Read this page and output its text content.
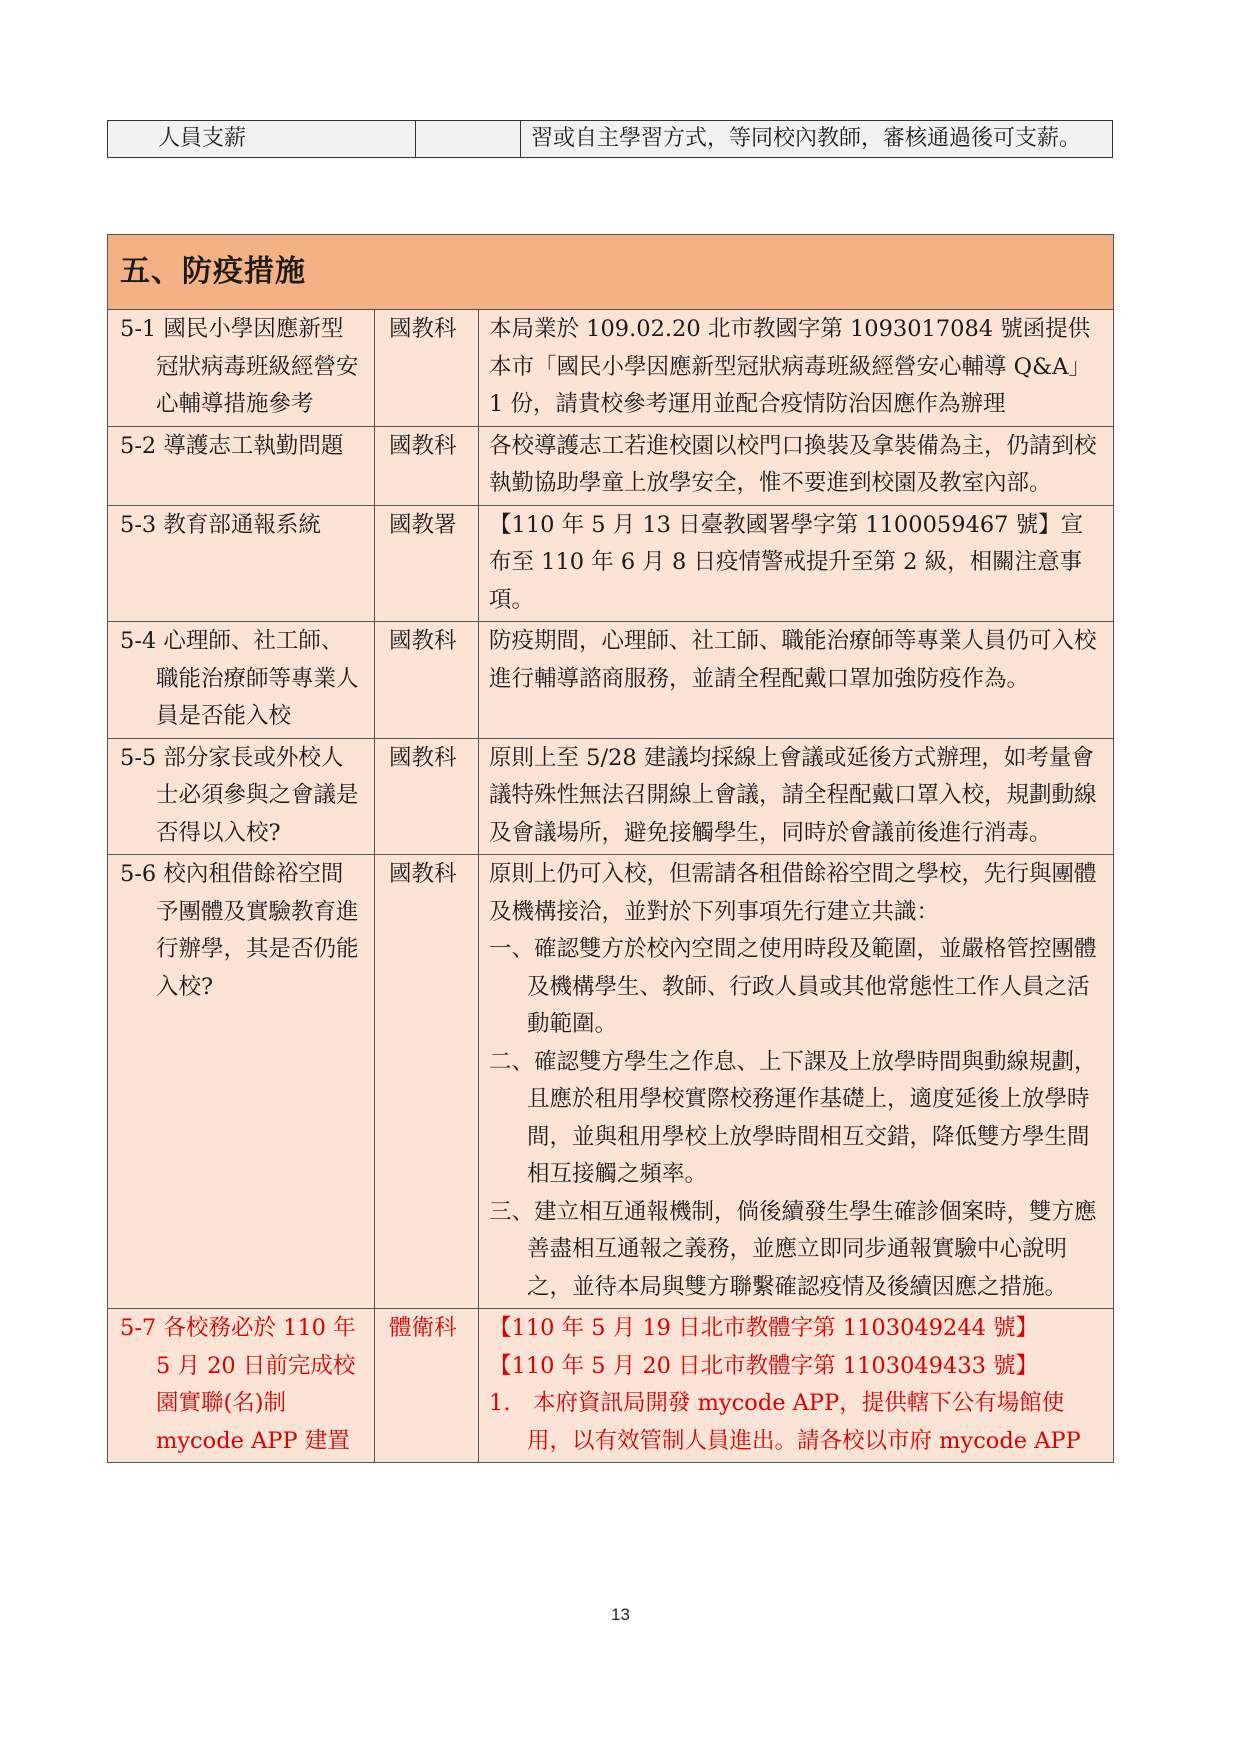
人員支薪		習或自主學習方式，等同校內教師，審核通過後可支薪。
五、防疫措施		
5-1 國民小學因應新型冠狀病毒班級經營安心輔導措施參考	國教科	本局業於 109.02.20 北市教國字第 1093017084 號函提供本市「國民小學因應新型冠狀病毒班級經營安心輔導 Q&A」1 份，請貴校參考運用並配合疫情防治因應作為辦理

5-2 導護志工執勤問題	國教科	各校導護志工若進校園以校門口換裝及拿裝備為主，仍請到校執勤協助學童上放學安全，惟不要進到校園及教室內部。

5-3 教育部通報系統	國教署	【110 年 5 月 13 日臺教國署學字第 1100059467 號】宣布至 110 年 6 月 8 日疫情警戒提升至第 2 級，相關注意事項。

5-4 心理師、社工師、職能治療師等專業人員是否能入校	國教科	防疫期間，心理師、社工師、職能治療師等專業人員仍可入校進行輔導諮商服務，並請全程配戴口罩加強防疫作為。

5-5 部分家長或外校人士必須參與之會議是否得以入校?	國教科	原則上至 5/28 建議均採線上會議或延後方式辦理，如考量會議特殊性無法召開線上會議，請全程配戴口罩入校，規劃動線及會議場所，避免接觸學生，同時於會議前後進行消毒。

5-6 校內租借餘裕空間予團體及實驗教育進行辦學，其是否仍能入校?	國教科	原則上仍可入校，但需請各租借餘裕空間之學校，先行與團體及機構接洽，並對於下列事項先行建立共識：
一、確認雙方於校內空間之使用時段及範圍，並嚴格管控團體及機構學生、教師、行政人員或其他常態性工作人員之活動範圍。
二、確認雙方學生之作息、上下課及上放學時間與動線規劃，且應於租用學校實際校務運作基礎上，適度延後上放學時間，並與租用學校上放學時間相互交錯，降低雙方學生間相互接觸之頻率。
三、建立相互通報機制，倘後續發生學生確診個案時，雙方應善盡相互通報之義務，並應立即同步通報實驗中心說明之，並待本局與雙方聯繫確認疫情及後續因應之措施。

5-7 各校務必於 110 年 5 月 20 日前完成校園實聯(名)制 mycode APP 建置	體衛科	【110 年 5 月 19 日北市教體字第 1103049244 號】
【110 年 5 月 20 日北市教體字第 1103049433 號】
1.　本府資訊局開發 mycode APP，提供轄下公有場館使用，以有效管制人員進出。請各校以市府 mycode APP
13
